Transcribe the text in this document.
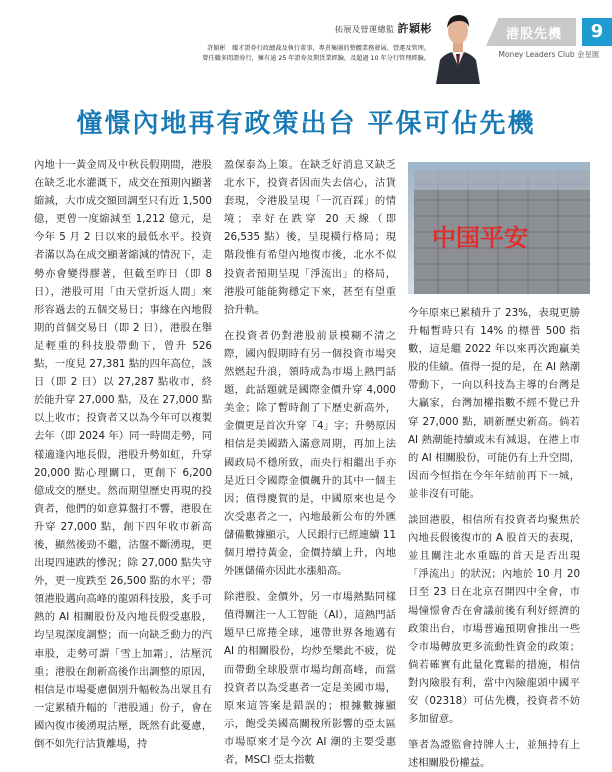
拓展及營運總監 許穎彬
許穎彬　耀才證券行政總裁及執行董事，專責集團的整體業務發展、營運及管理。
曾任職多間證券行，擁有逾 25 年證券及期貨業經驗，及超過 10 年分行管理經驗。
港股先機	9
Money Leaders Club 金星匯
憧憬內地再有政策出台 平保可佔先機

內地十一黃金周及中秋長假期間，港股在缺乏北水灌溉下，成交在預期內顯著縮減，大市成交額回調至只有近 1,500 億，更曾一度縮減至 1,212 億元，是今年 5 月 2 日以來的最低水平。投資者滿以為在成交顯著縮減的情況下，走勢亦會變得膠著，但截至昨日（即 8 日），港股可用「由天堂折返人間」來形容過去的五個交易日；事緣在內地假期的首個交易日（即 2 日），港股在舉足輕重的科技股帶動下，曾升 526 點，一度見 27,381 點的四年高位，該日（即 2 日）以 27,287 點收市，終於能升穿 27,000 點，及在 27,000 點以上收市；投資者又以為今年可以複製去年（即 2024 年）同一時間走勢，同樣適逢內地長假，港股升勢如虹，升穿 20,000 點心理關口，更創下 6,200 億成交的歷史。然而期望歷史再現的投資者，他們的如意算盤打不響，港股在升穿 27,000 點，創下四年收市新高後，顯然後勁不繼，沽盤不斷湧現，更出現四連跌的慘況；除 27,000 點失守外，更一度跌至 26,500 點的水平；帶領港股邁向高峰的龍頭科技股，炙手可熱的 AI 相關股份及內地長假受惠股，均呈現深度調整；而一向缺乏動力的汽車股，走勢可謂「雪上加霜」，沽壓沉重；港股在創新高後作出調整的原因，相信是市場憂慮個別升幅較為出眾且有一定累積升幅的「港股通」份子，會在國內復市後湧現沽壓，既然有此憂慮，倒不如先行沽貨離場，持

盈保泰為上策。在缺乏好消息又缺乏北水下，投資者因而失去信心，沽貨套現，令港股呈現「一沉百踩」的情境；幸好在跌穿 20 天線（即 26,535 點）後，呈現橫行格局；現階段惟有希望內地復市後，北水不似投資者預期呈現「淨流出」的格局，港股可能能夠穩定下來，甚至有望重拾升軌。

在投資者仍對港股前景模糊不清之際，國內假期時有另一個投資市場突然燃起升浪，領時成為市場上熱門話題，此話題就是國際金價升穿 4,000 美金；除了暫時創了下歷史新高外，金價更是首次升穿「4」字；升勢原因相信是美國踏入滿意周期，再加上法國政局不穩所致，而央行相繼出手亦是近日令國際金價飆升的其中一個主因；值得慶賀的是，中國原來也是今次受惠者之一，內地最新公布的外匯儲備數據顯示，人民銀行已經連續 11 個月增持黃金，金價持續上升，內地外匯儲備亦因此水漲船高。

除港股、金價外，另一市場熱點同樣值得關注一人工智能（AI），這熱門話題早已席捲全球，連帶世界各地邁有 AI 的相關股份，均炒至樂此不疲，從而帶動全球股票市場均創高峰，而當投資者以為受惠者一定是美國市場，原來這答案是錯誤的；根據數據顯示，飽受美國高關稅所影響的亞太區市場原來才是今次 AI 潮的主要受惠者，MSCI 亞太指數

中国平安

今年原來已累積升了 23%，表現更勝升幅暫時只有 14% 的標普 500 指數，這是繼 2022 年以來再次跑贏美股的佳績。值得一提的是，在 AI 熱潮帶動下，一向以科技為主導的台灣是大贏家，台灣加權指數不經不覺已升穿 27,000 點，刷新歷史新高。倘若 AI 熱潮能持續或未有減退，在港上市的 AI 相關股份，可能仍有上升空間，因而今恒指在今年年結前再下一城，並非沒有可能。

談回港股，相信所有投資者均聚焦於內地長假後復市的 A 股首天的表現，並且關注北水重臨的首天是否出現「淨流出」的狀況；內地於 10 月 20 日至 23 日在北京召開四中全會，市場憧憬會否在會議前後有利好經濟的政策出台，市場普遍預期會推出一些令市場轉放更多流動性資金的政策；倘若確實有此量化寬鬆的措施，相信對內險股有利，當中內險龍頭中國平安（02318）可佔先機，投資者不妨多加留意。

筆者為證監會持牌人士，並無持有上述相關股份權益。
